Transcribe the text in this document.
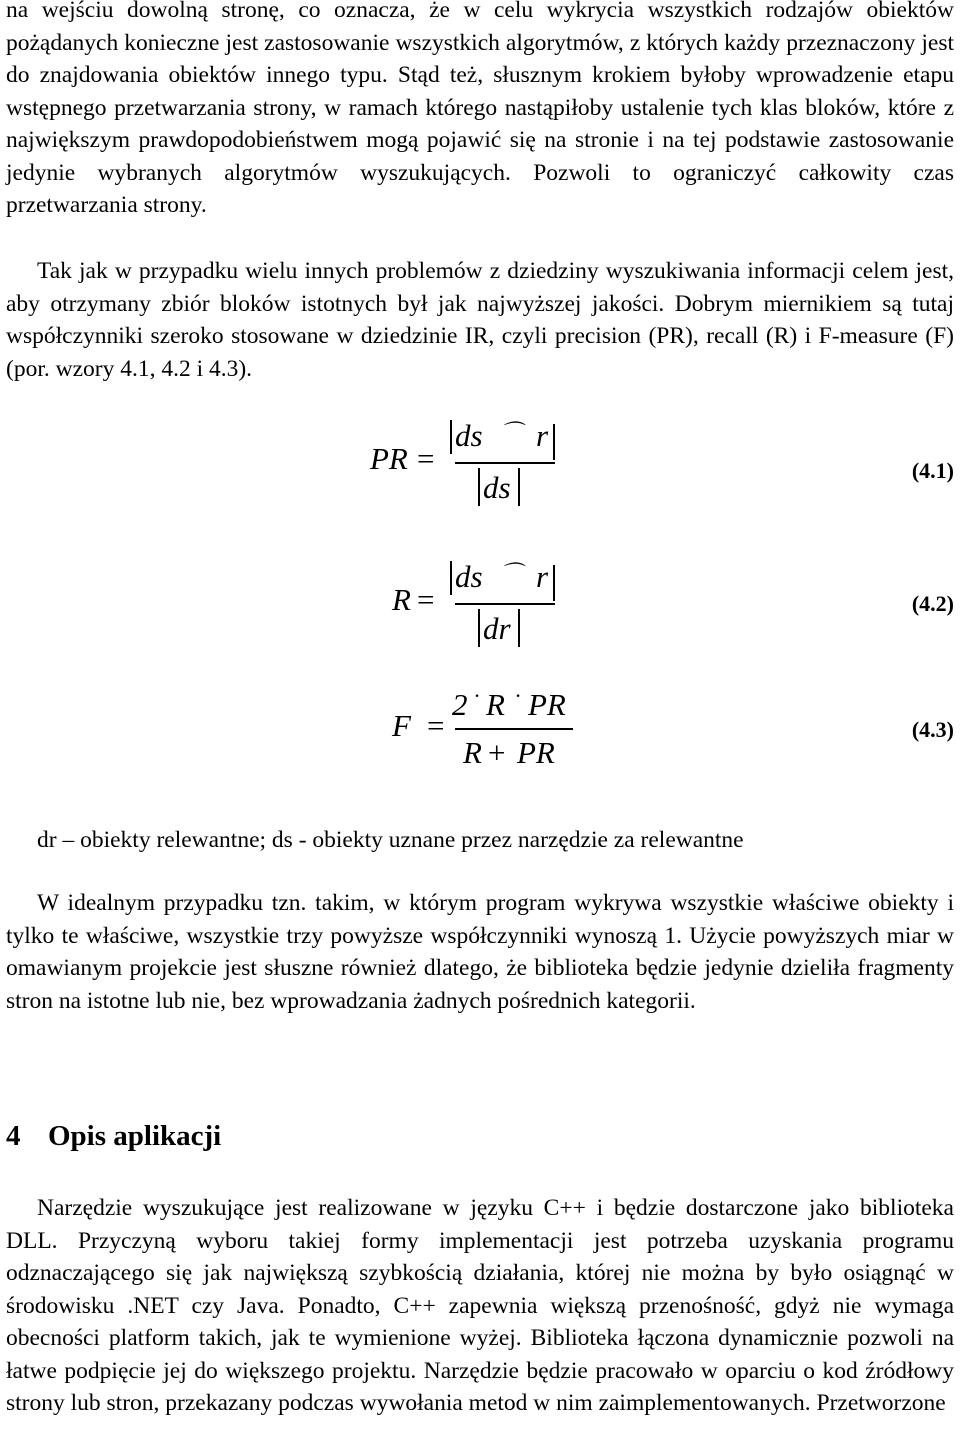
na wejściu dowolną stronę, co oznacza, że w celu wykrycia wszystkich rodzajów obiektów pożądanych konieczne jest zastosowanie wszystkich algorytmów, z których każdy przeznaczony jest do znajdowania obiektów innego typu. Stąd też, słusznym krokiem byłoby wprowadzenie etapu wstępnego przetwarzania strony, w ramach którego nastąpiłoby ustalenie tych klas bloków, które z największym prawdopodobieństwem mogą pojawić się na stronie i na tej podstawie zastosowanie jedynie wybranych algorytmów wyszukujących. Pozwoli to ograniczyć całkowity czas przetwarzania strony.

Tak jak w przypadku wielu innych problemów z dziedziny wyszukiwania informacji celem jest, aby otrzymany zbiór bloków istotnych był jak najwyższej jakości. Dobrym miernikiem są tutaj współczynniki szeroko stosowane w dziedzinie IR, czyli precision (PR), recall (R) i F-measure (F) (por. wzory 4.1, 4.2 i 4.3).

PR =
ds ⌒ r
ds	(4.1)
R =
ds ⌒ r
dr
(4.2)
F =
2 · R · PR
R + PR
(4.3)

dr – obiekty relewantne; ds - obiekty uznane przez narzędzie za relewantne

W idealnym przypadku tzn. takim, w którym program wykrywa wszystkie właściwe obiekty i tylko te właściwe, wszystkie trzy powyższe współczynniki wynoszą 1. Użycie powyższych miar w omawianym projekcie jest słuszne również dlatego, że biblioteka będzie jedynie dzieliła fragmenty stron na istotne lub nie, bez wprowadzania żadnych pośrednich kategorii.

4 Opis aplikacji

Narzędzie wyszukujące jest realizowane w języku C++ i będzie dostarczone jako biblioteka DLL. Przyczyną wyboru takiej formy implementacji jest potrzeba uzyskania programu odznaczającego się jak największą szybkością działania, której nie można by było osiągnąć w środowisku .NET czy Java. Ponadto, C++ zapewnia większą przenośność, gdyż nie wymaga obecności platform takich, jak te wymienione wyżej. Biblioteka łączona dynamicznie pozwoli na łatwe podpięcie jej do większego projektu. Narzędzie będzie pracowało w oparciu o kod źródłowy strony lub stron, przekazany podczas wywołania metod w nim zaimplementowanych. Przetworzone
